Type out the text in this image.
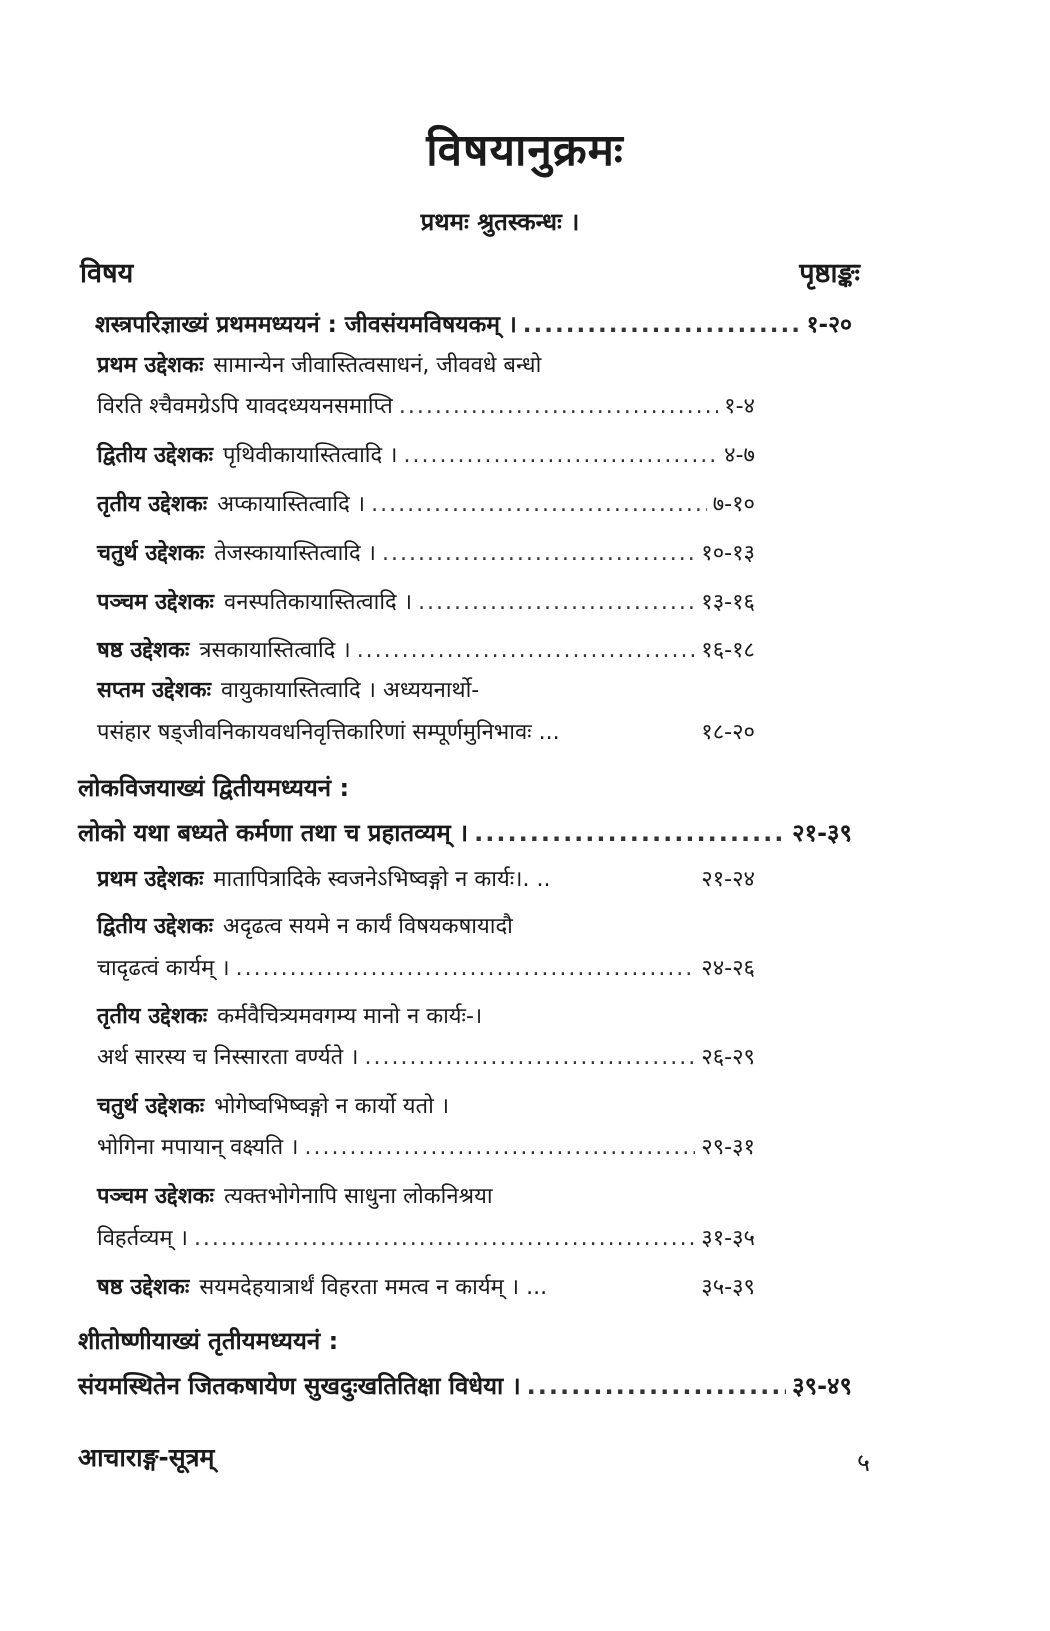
विषयानुक्रमः
प्रथमः श्रुतस्कन्धः ।
विषय	पृष्ठाङ्कः
शस्त्रपरिज्ञाख्यं प्रथममध्ययनं : जीवसंयमविषयकम् । .....	१-२०
प्रथम उद्देशकः सामान्येन जीवास्तित्वसाधनं, जीववधे बन्धो
विरति श्चैवमग्रेऽपि यावदध्ययनसमाप्ति .....	१-४
द्वितीय उद्देशकः पृथिवीकायास्तित्वादि । .....	४-७
तृतीय उद्देशकः अप्कायास्तित्वादि । .....	७-१०
चतुर्थ उद्देशकः तेजस्कायास्तित्वादि । .....	१०-१३
पञ्चम उद्देशकः वनस्पतिकायास्तित्वादि । .....	१३-१६
षष्ठ उद्देशकः त्रसकायास्तित्वादि । .....	१६-१८
सप्तम उद्देशकः वायुकायास्तित्वादि । अध्ययनार्थो-
पसंहार षड्जीवनिकायवधनिवृत्तिकारिणां सम्पूर्णमुनिभावः ...	१८-२०
लोकविजयाख्यं द्वितीयमध्ययनं :
लोको यथा बध्यते कर्मणा तथा च प्रहातव्यम् । .....	२१-३९
प्रथम उद्देशकः मातापित्रादिके स्वजनेऽभिष्वङ्गो न कार्यः।. ..	२१-२४
द्वितीय उद्देशकः अदृढत्व सयमे न कार्यं विषयकषायादौ
चादृढत्वं कार्यम् । .....	२४-२६
तृतीय उद्देशकः कर्मवैचित्र्यमवगम्य मानो न कार्यः-।
अर्थ सारस्य च निस्सारता वर्ण्यते । .....	२६-२९
चतुर्थ उद्देशकः भोगेष्वभिष्वङ्गो न कार्यो यतो ।
भोगिना मपायान् वक्ष्यति । .....	२९-३१
पञ्चम उद्देशकः त्यक्तभोगेनापि साधुना लोकनिश्रया
विहर्तव्यम् । .....	३१-३५
षष्ठ उद्देशकः सयमदेहयात्रार्थं विहरता ममत्व न कार्यम् । ...	३५-३९
शीतोष्णीयाख्यं तृतीयमध्ययनं :
संयमस्थितेन जितकषायेण सुखदुःखतितिक्षा विधेया । .....	३९-४९
आचाराङ्ग-सूत्रम्	५
